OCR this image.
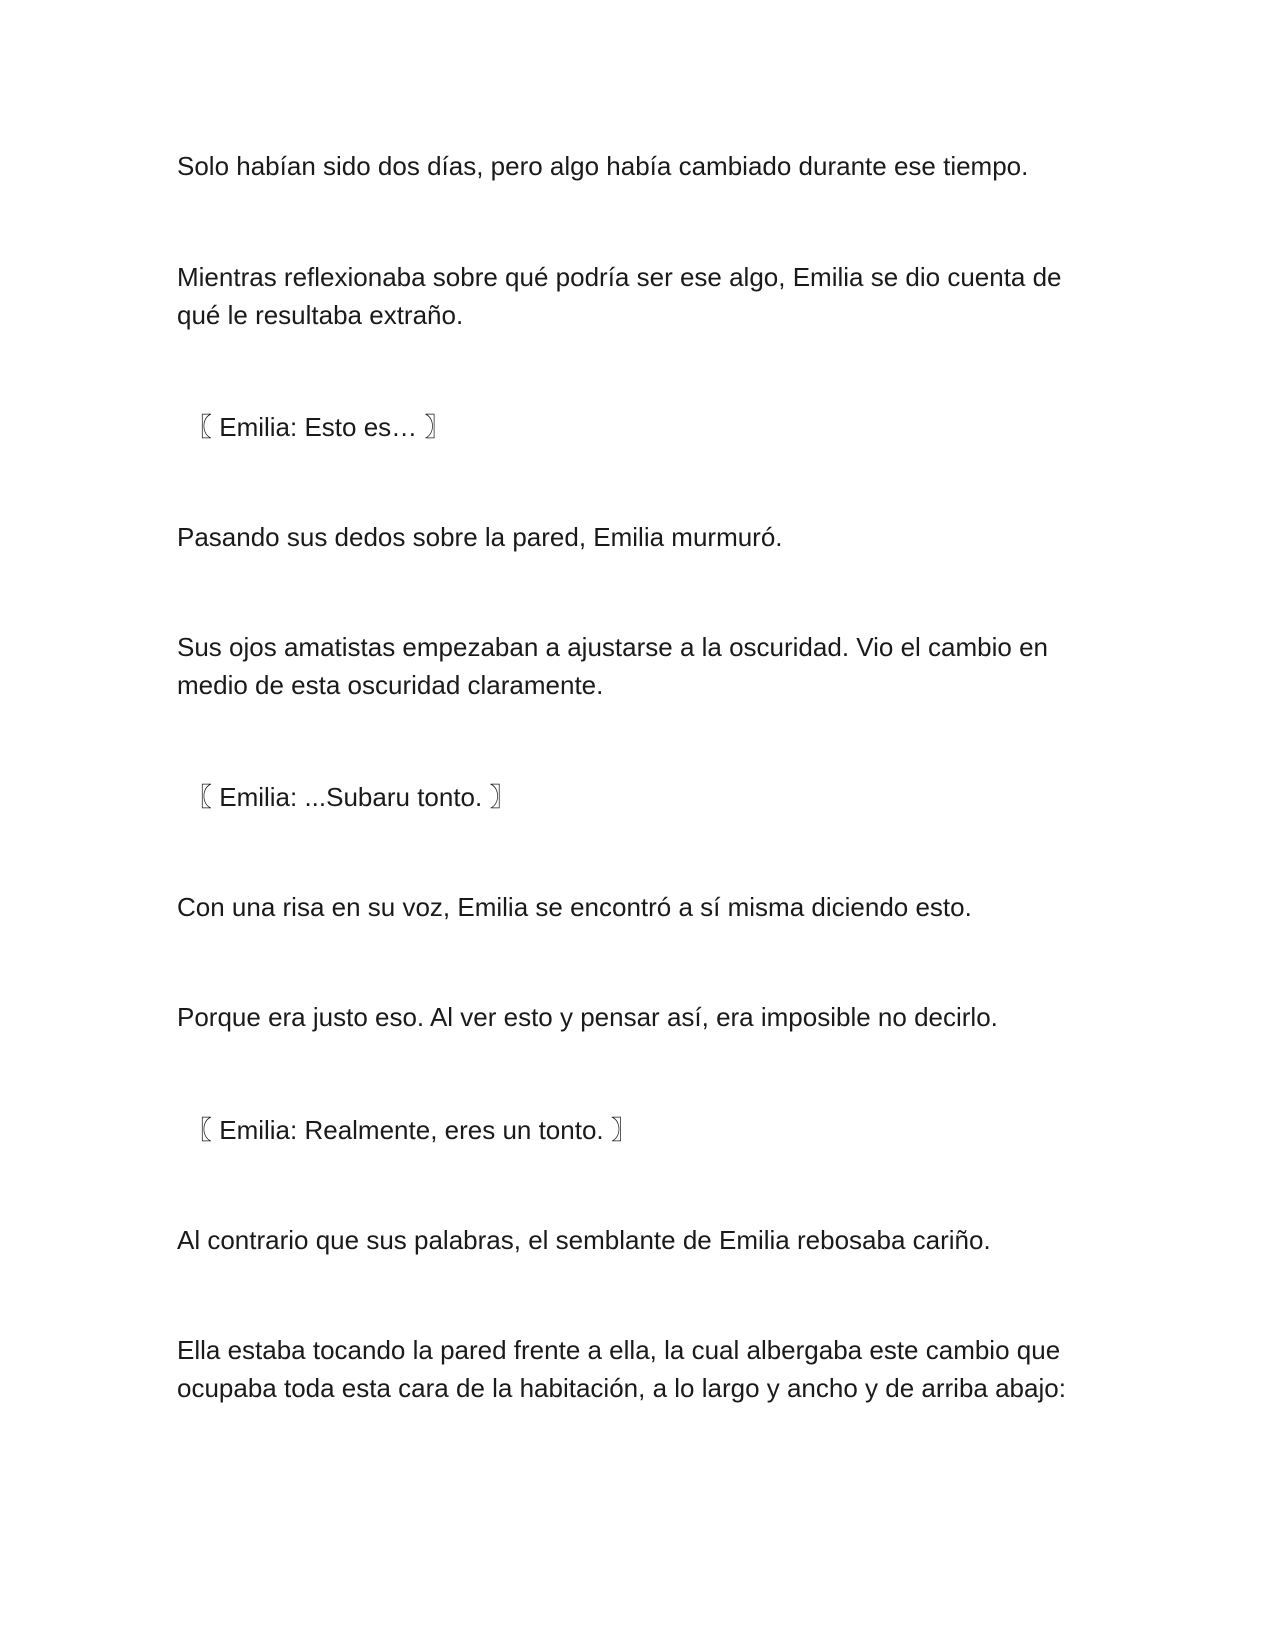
Solo habían sido dos días, pero algo había cambiado durante ese tiempo.

Mientras reflexionaba sobre qué podría ser ese algo, Emilia se dio cuenta de qué le resultaba extraño.

〖 Emilia: Esto es… 〗

Pasando sus dedos sobre la pared, Emilia murmuró.

Sus ojos amatistas empezaban a ajustarse a la oscuridad. Vio el cambio en medio de esta oscuridad claramente.

〖 Emilia: ...Subaru tonto. 〗

Con una risa en su voz, Emilia se encontró a sí misma diciendo esto.

Porque era justo eso. Al ver esto y pensar así, era imposible no decirlo.

〖 Emilia: Realmente, eres un tonto. 〗

Al contrario que sus palabras, el semblante de Emilia rebosaba cariño.

Ella estaba tocando la pared frente a ella, la cual albergaba este cambio que ocupaba toda esta cara de la habitación, a lo largo y ancho y de arriba abajo:
